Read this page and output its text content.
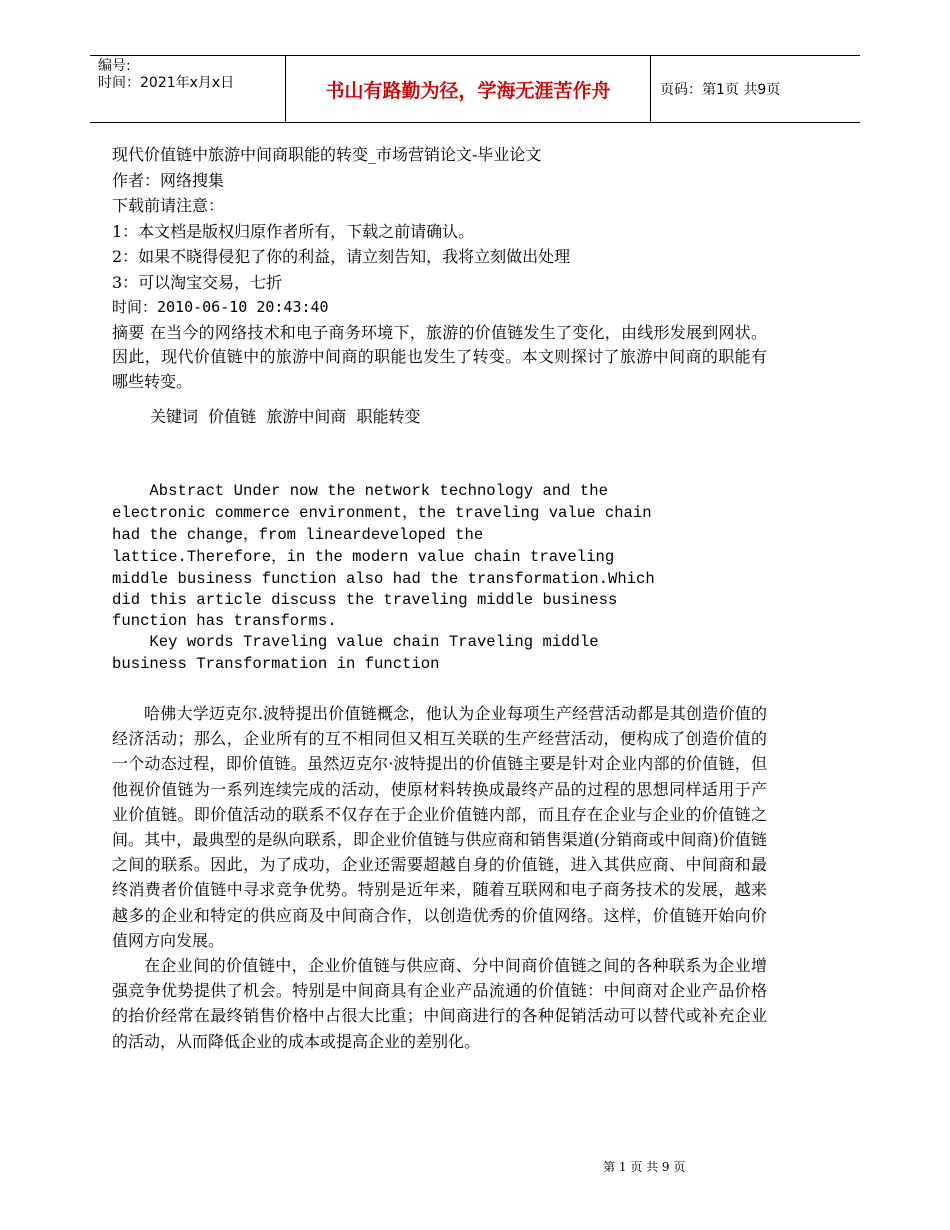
编号:
时间：2021年x月x日	书山有路勤为径，学海无涯苦作舟	页码：第1页 共9页
现代价值链中旅游中间商职能的转变_市场营销论文-毕业论文
作者：网络搜集
下载前请注意：
1：本文档是版权归原作者所有，下载之前请确认。
2：如果不晓得侵犯了你的利益，请立刻告知，我将立刻做出处理
3：可以淘宝交易，七折
时间：2010-06-10 20:43:40

摘要 在当今的网络技术和电子商务环境下，旅游的价值链发生了变化，由线形发展到网状。因此，现代价值链中的旅游中间商的职能也发生了转变。本文则探讨了旅游中间商的职能有哪些转变。

关键词  价值链  旅游中间商  职能转变
Abstract Under now the network technology and the
electronic commerce environment，the traveling value chain
had the change，from lineardeveloped the
lattice.Therefore，in the modern value chain traveling
middle business function also had the transformation.Which
did this article discuss the traveling middle business
function has transforms.
Key words Traveling value chain Traveling middle
business Transformation in function

哈佛大学迈克尔.波特提出价值链概念，他认为企业每项生产经营活动都是其创造价值的经济活动；那么，企业所有的互不相同但又相互关联的生产经营活动，便构成了创造价值的一个动态过程，即价值链。虽然迈克尔·波特提出的价值链主要是针对企业内部的价值链，但他视价值链为一系列连续完成的活动，使原材料转换成最终产品的过程的思想同样适用于产业价值链。即价值活动的联系不仅存在于企业价值链内部，而且存在企业与企业的价值链之间。其中，最典型的是纵向联系，即企业价值链与供应商和销售渠道(分销商或中间商)价值链之间的联系。因此，为了成功，企业还需要超越自身的价值链，进入其供应商、中间商和最终消费者价值链中寻求竞争优势。特别是近年来，随着互联网和电子商务技术的发展，越来越多的企业和特定的供应商及中间商合作，以创造优秀的价值网络。这样，价值链开始向价值网方向发展。

在企业间的价值链中，企业价值链与供应商、分中间商价值链之间的各种联系为企业增强竞争优势提供了机会。特别是中间商具有企业产品流通的价值链：中间商对企业产品价格的抬价经常在最终销售价格中占很大比重；中间商进行的各种促销活动可以替代或补充企业的活动，从而降低企业的成本或提高企业的差别化。

第 1 页 共 9 页
